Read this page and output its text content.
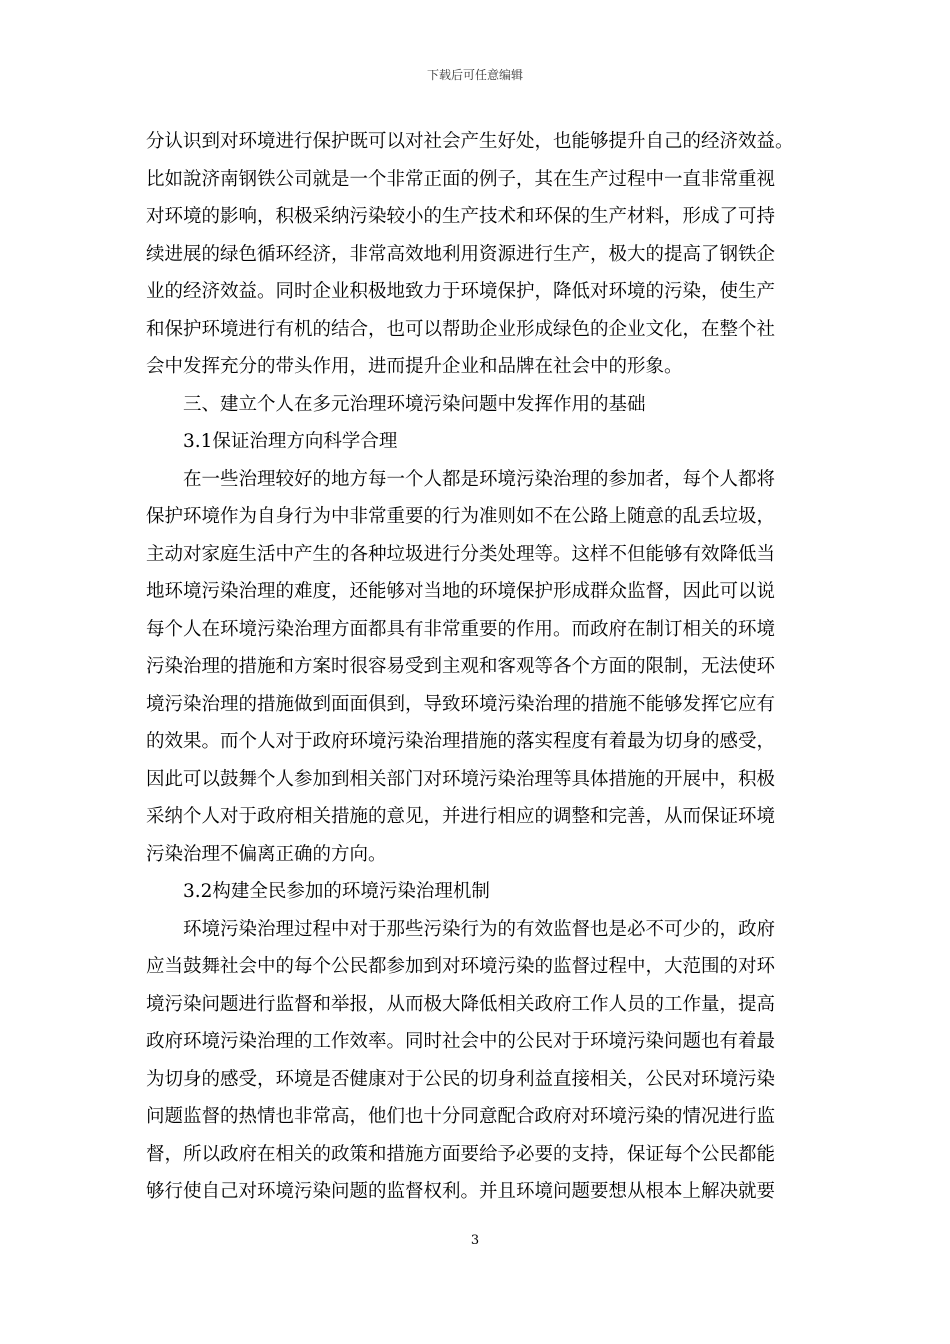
下载后可任意编辑
分认识到对环境进行保护既可以对社会产生好处，也能够提升自己的经济效益。
比如說济南钢铁公司就是一个非常正面的例子，其在生产过程中一直非常重视
对环境的影响，积极采纳污染较小的生产技术和环保的生产材料，形成了可持
续进展的绿色循环经济，非常高效地利用资源进行生产，极大的提高了钢铁企
业的经济效益。同时企业积极地致力于环境保护，降低对环境的污染，使生产
和保护环境进行有机的结合，也可以帮助企业形成绿色的企业文化，在整个社
会中发挥充分的带头作用，进而提升企业和品牌在社会中的形象。
三、建立个人在多元治理环境污染问题中发挥作用的基础
3.1保证治理方向科学合理
在一些治理较好的地方每一个人都是环境污染治理的参加者，每个人都将
保护环境作为自身行为中非常重要的行为准则如不在公路上随意的乱丢垃圾，
主动对家庭生活中产生的各种垃圾进行分类处理等。这样不但能够有效降低当
地环境污染治理的难度，还能够对当地的环境保护形成群众监督，因此可以说
每个人在环境污染治理方面都具有非常重要的作用。而政府在制订相关的环境
污染治理的措施和方案时很容易受到主观和客观等各个方面的限制，无法使环
境污染治理的措施做到面面俱到，导致环境污染治理的措施不能够发挥它应有
的效果。而个人对于政府环境污染治理措施的落实程度有着最为切身的感受，
因此可以鼓舞个人参加到相关部门对环境污染治理等具体措施的开展中，积极
采纳个人对于政府相关措施的意见，并进行相应的调整和完善，从而保证环境
污染治理不偏离正确的方向。
3.2构建全民参加的环境污染治理机制
环境污染治理过程中对于那些污染行为的有效监督也是必不可少的，政府
应当鼓舞社会中的每个公民都参加到对环境污染的监督过程中，大范围的对环
境污染问题进行监督和举报，从而极大降低相关政府工作人员的工作量，提高
政府环境污染治理的工作效率。同时社会中的公民对于环境污染问题也有着最
为切身的感受，环境是否健康对于公民的切身利益直接相关，公民对环境污染
问题监督的热情也非常高，他们也十分同意配合政府对环境污染的情况进行监
督，所以政府在相关的政策和措施方面要给予必要的支持，保证每个公民都能
够行使自己对环境污染问题的监督权利。并且环境问题要想从根本上解决就要
3
